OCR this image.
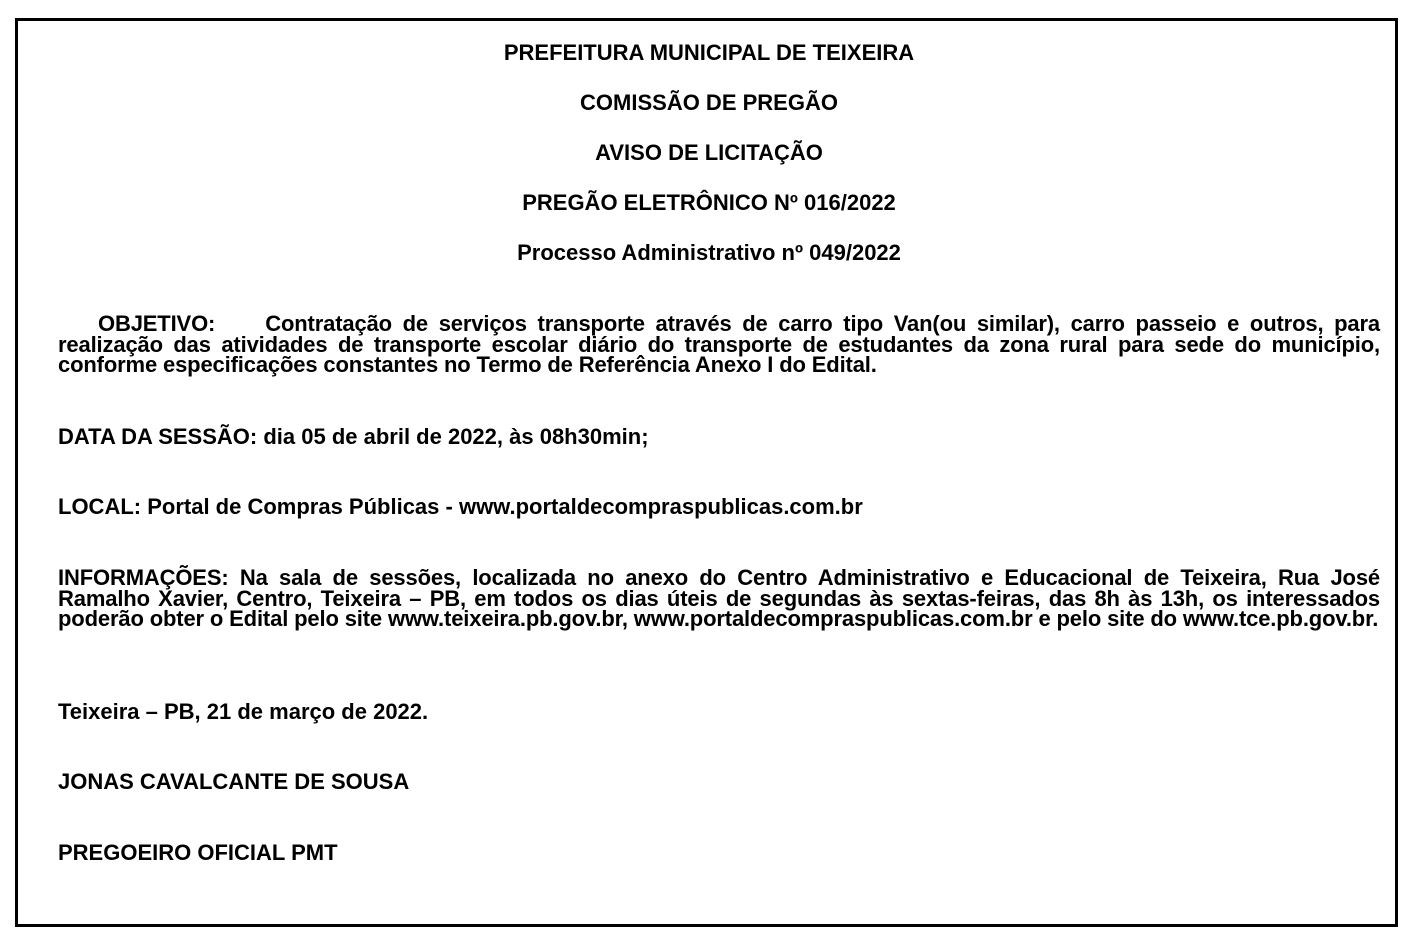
PREFEITURA MUNICIPAL DE TEIXEIRA
COMISSÃO DE PREGÃO
AVISO DE LICITAÇÃO
PREGÃO ELETRÔNICO Nº 016/2022
Processo Administrativo nº 049/2022
OBJETIVO: Contratação de serviços transporte através de carro tipo Van(ou similar), carro passeio e outros, para realização das atividades de transporte escolar diário do transporte de estudantes da zona rural para sede do município, conforme especificações constantes no Termo de Referência Anexo I do Edital.
DATA DA SESSÃO: dia 05 de abril de 2022, às 08h30min;
LOCAL: Portal de Compras Públicas - www.portaldecompraspublicas.com.br
INFORMAÇÕES: Na sala de sessões, localizada no anexo do Centro Administrativo e Educacional de Teixeira, Rua José Ramalho Xavier, Centro, Teixeira – PB, em todos os dias úteis de segundas às sextas-feiras, das 8h às 13h, os interessados poderão obter o Edital pelo site www.teixeira.pb.gov.br, www.portaldecompraspublicas.com.br e pelo site do www.tce.pb.gov.br.
Teixeira – PB, 21 de março de 2022.
JONAS CAVALCANTE DE SOUSA
PREGOEIRO OFICIAL PMT
